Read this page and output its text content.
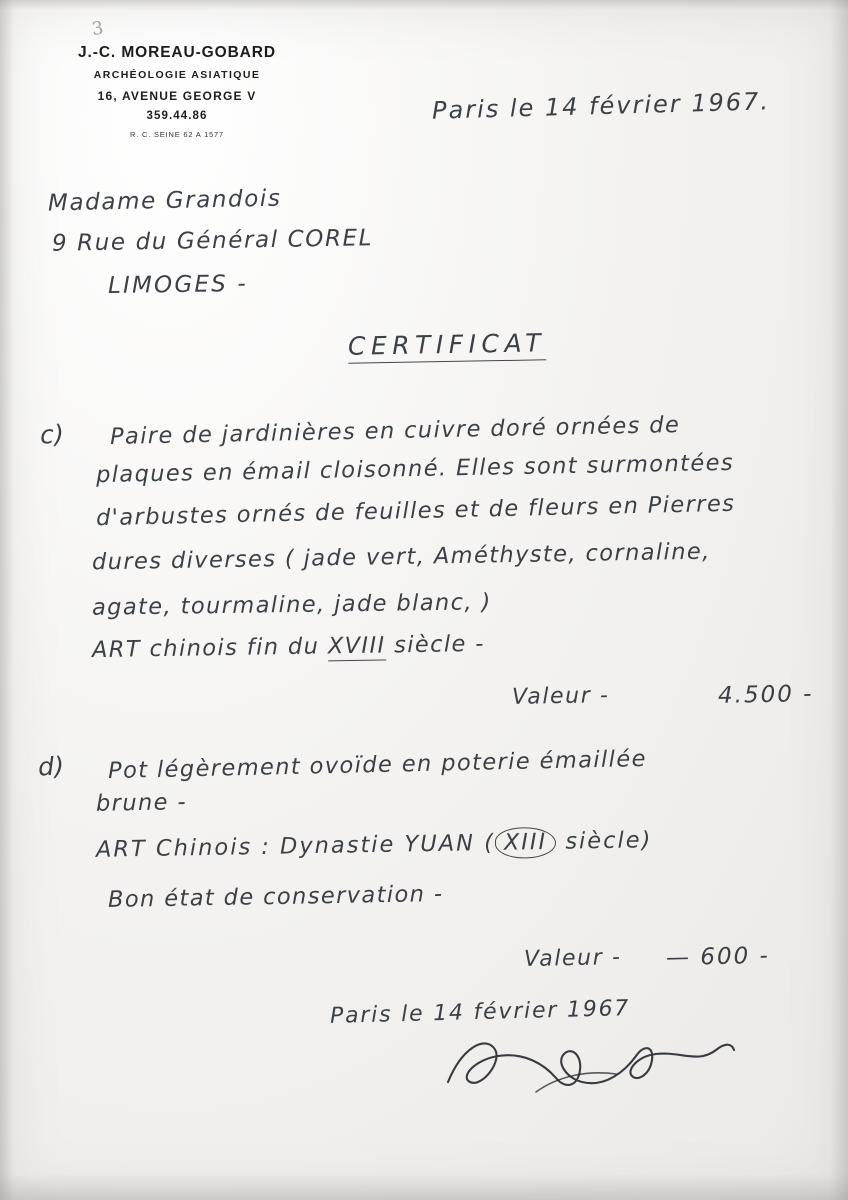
3
J.-C. MOREAU-GOBARD
ARCHÉOLOGIE ASIATIQUE
16, AVENUE GEORGE V
359.44.86
R. C. SEINE 62 A 1577
Paris le 14 février 1967.
Madame Grandois
9 Rue du Général COREL
LIMOGES -
CERTIFICAT
c) Paire de jardinières en cuivre doré ornées de
plaques en émail cloisonné. Elles sont surmontées
d'arbustes ornés de feuilles et de fleurs en Pierres
dures diverses ( jade vert, Améthyste, cornaline,
agate, tourmaline, jade blanc, )
ART chinois fin du XVIII siècle -
Valeur -	4.500 -
d) Pot légèrement ovoïde en poterie émaillée
brune -
ART Chinois : Dynastie YUAN ( XIII siècle)
Bon état de conservation -
Valeur - — 600 -
Paris le 14 février 1967
